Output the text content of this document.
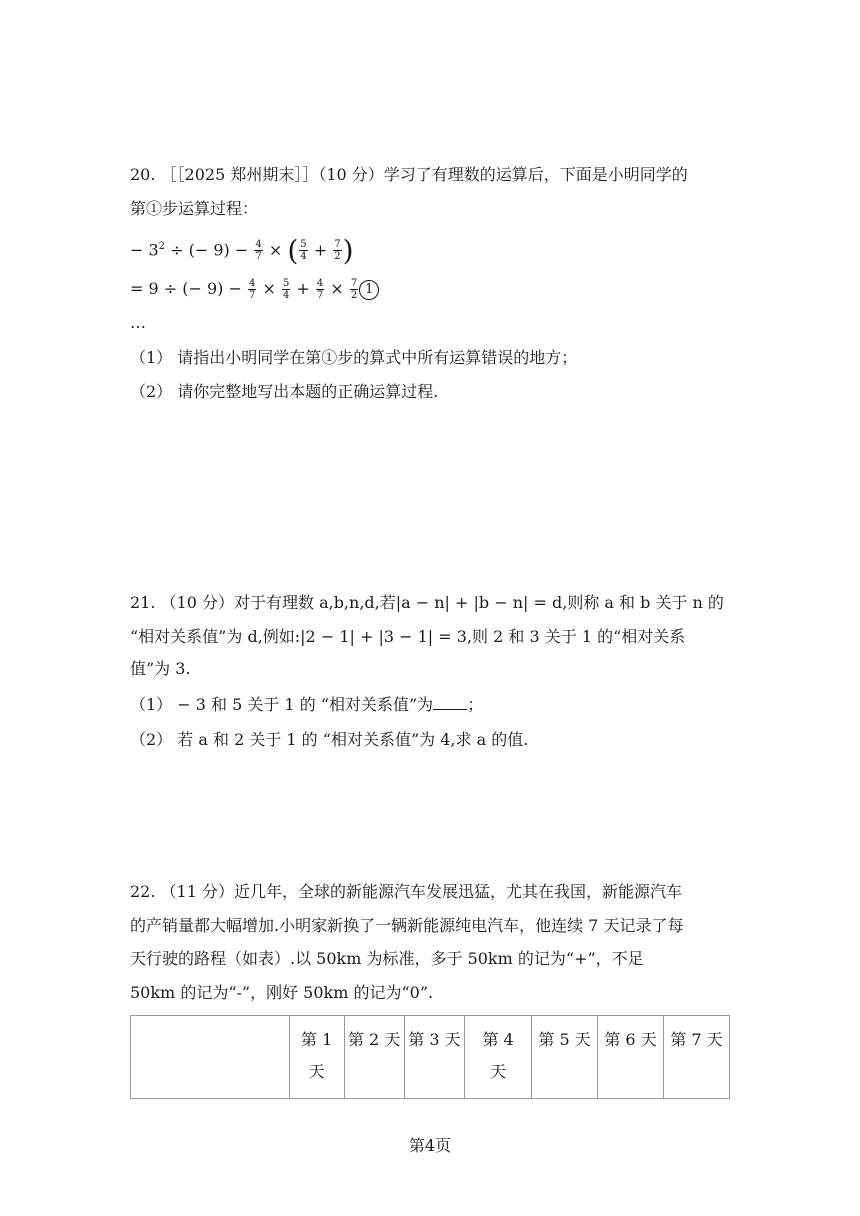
20. ［［2025 郑州期末］］（10 分）学习了有理数的运算后，下面是小明同学的
第①步运算过程：
− $3^2$ ÷ (− $9) - \frac{4}{7}$ × ( $\frac{5}{4} + \frac{7}{2}$ )
= 9 ÷ (− $9) - \frac{4}{7} \times \frac{5}{4} + \frac{4}{7} \times \frac{7}{2} 1$
…
（1） 请指出小明同学在第①步的算式中所有运算错误的地方；
（2） 请你完整地写出本题的正确运算过程.
21. （10 分）对于有理数 a,b,n,d,若|a − n| + |b − n| = d,则称 a 和 b 关于 n 的
“相对关系值”为 d,例如:|2 − 1| + |3 − 1| = 3,则 2 和 3 关于 1 的“相对关系
值”为 3.
（1） − 3 和 5 关于 1 的 “相对关系值”为 ；
（2） 若 a 和 2 关于 1 的 “相对关系值”为 4,求 a 的值.
22. （11 分）近几年，全球的新能源汽车发展迅猛，尤其在我国，新能源汽车
的产销量都大幅增加.小明家新换了一辆新能源纯电汽车，他连续 7 天记录了每
天行驶的路程（如表）.以 50km 为标准，多于 50km 的记为“+”，不足
50km 的记为“-”，刚好 50km 的记为“0”.
	第 1 天	第 2 天	第 3 天	第 4 天	第 5 天	第 6 天	第 7 天
第4页
